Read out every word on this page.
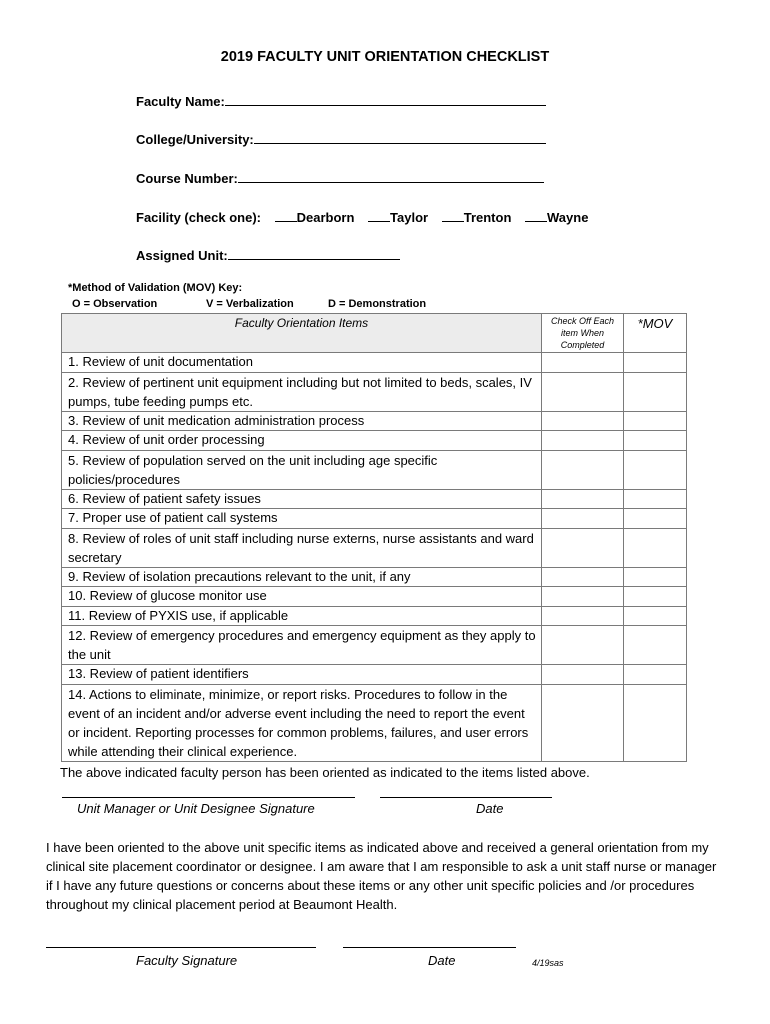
2019 FACULTY UNIT ORIENTATION CHECKLIST
Faculty Name:
College/University:
Course Number:
Facility (check one):	Dearborn	Taylor	Trenton	Wayne
Assigned Unit:
*Method of Validation (MOV) Key:
O = Observation	V = Verbalization	D = Demonstration
Faculty Orientation Items	Check Off Each item When Completed	*MOV
1. Review of unit documentation		
2. Review of pertinent unit equipment including but not limited to beds, scales, IV pumps, tube feeding pumps etc.		
3. Review of unit medication administration process		
4. Review of unit order processing		
5. Review of population served on the unit including age specific policies/procedures		
6. Review of patient safety issues		
7. Proper use of patient call systems		
8. Review of roles of unit staff including nurse externs, nurse assistants and ward secretary		
9. Review of isolation precautions relevant to the unit, if any		
10. Review of glucose monitor use		
11. Review of PYXIS use, if applicable		
12. Review of emergency procedures and emergency equipment as they apply to the unit		
13. Review of patient identifiers		
14. Actions to eliminate, minimize, or report risks. Procedures to follow in the event of an incident and/or adverse event including the need to report the event or incident. Reporting processes for common problems, failures, and user errors while attending their clinical experience.		
The above indicated faculty person has been oriented as indicated to the items listed above.
Unit Manager or Unit Designee Signature	Date
I have been oriented to the above unit specific items as indicated above and received a general orientation from my clinical site placement coordinator or designee. I am aware that I am responsible to ask a unit staff nurse or manager if I have any future questions or concerns about these items or any other unit specific policies and /or procedures throughout my clinical placement period at Beaumont Health.
Faculty Signature	Date	4/19sas
